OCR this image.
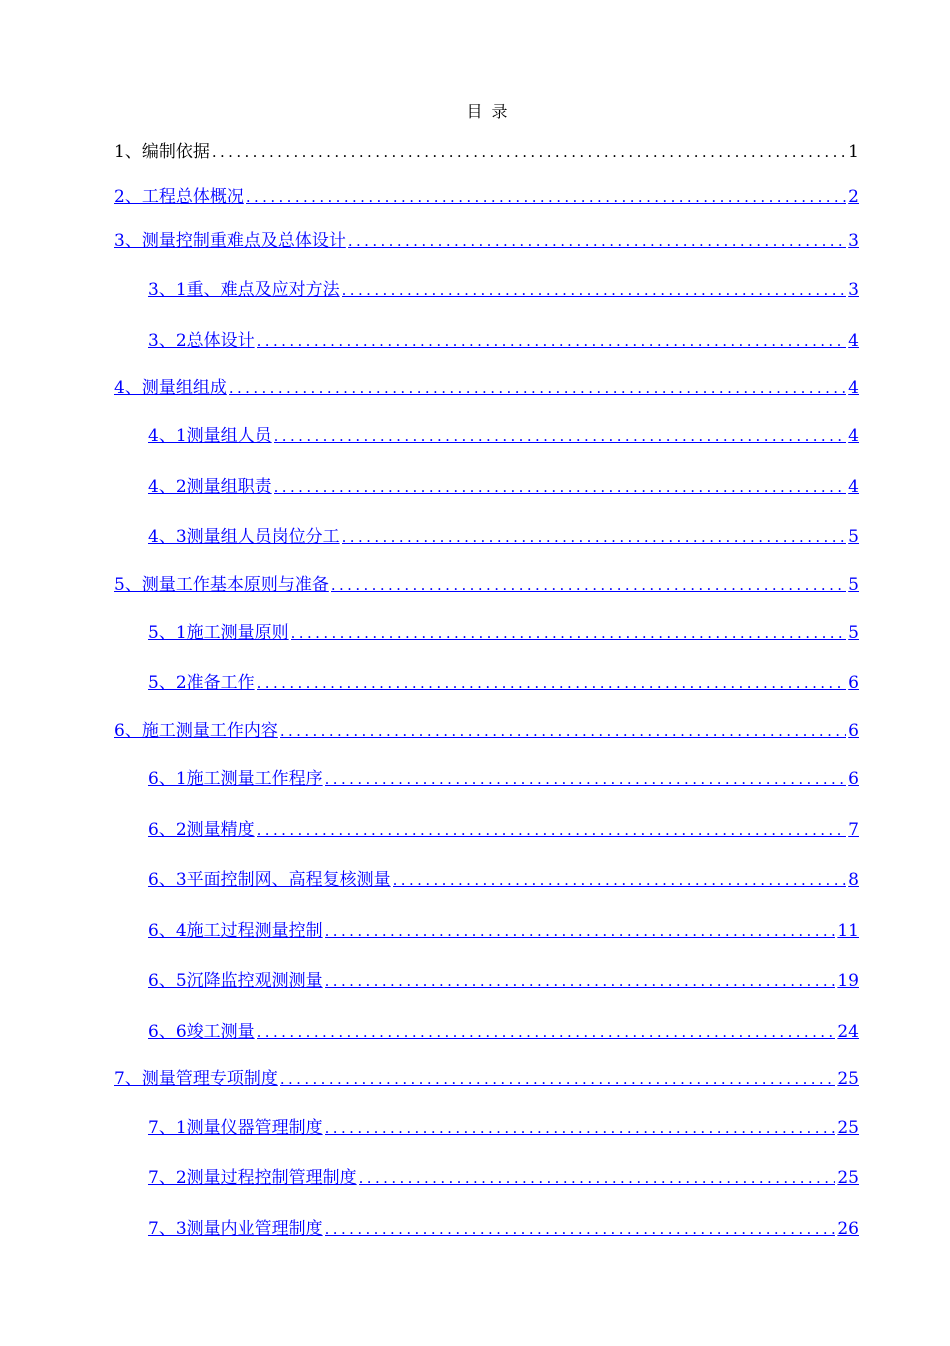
目 录
1、编制依据 .....	1
2、工程总体概况 .....	2
3、测量控制重难点及总体设计 .....	3
3、1重、难点及应对方法 .....	3
3、2总体设计 .....	4
4、测量组组成 .....	4
4、1测量组人员 .....	4
4、2测量组职责 .....	4
4、3测量组人员岗位分工 .....	5
5、测量工作基本原则与准备 .....	5
5、1施工测量原则 .....	5
5、2准备工作 .....	6
6、施工测量工作内容 .....	6
6、1施工测量工作程序 .....	6
6、2测量精度 .....	7
6、3平面控制网、高程复核测量 .....	8
6、4施工过程测量控制 .....	11
6、5沉降监控观测测量 .....	19
6、6竣工测量 .....	24
7、测量管理专项制度 .....	25
7、1测量仪器管理制度 .....	25
7、2测量过程控制管理制度 .....	25
7、3测量内业管理制度 .....	26
